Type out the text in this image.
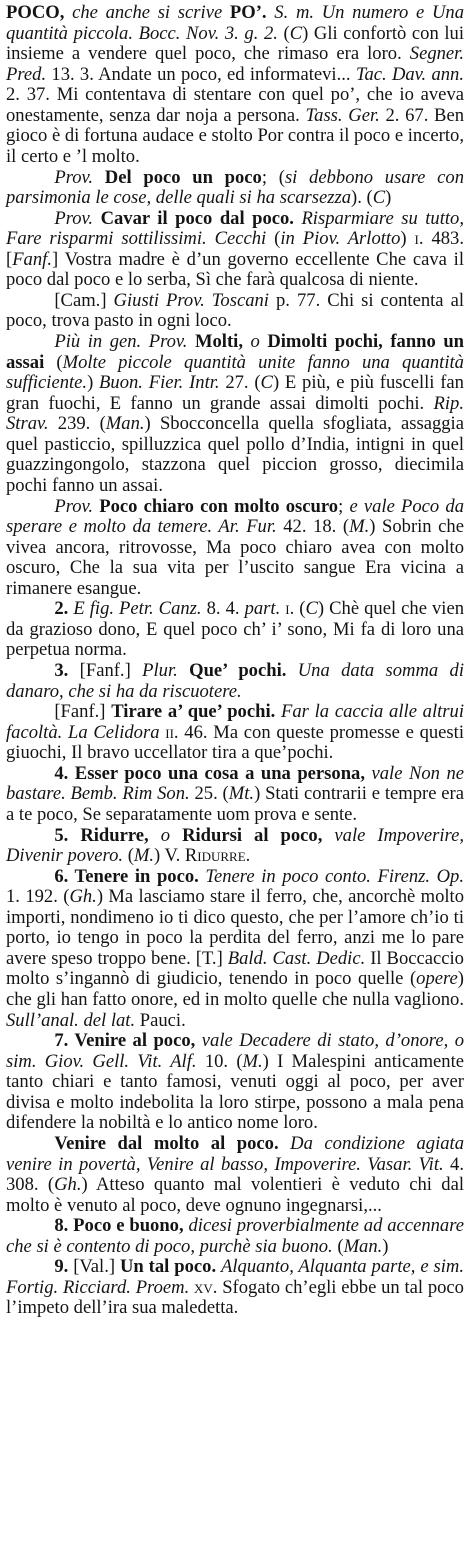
POCO, che anche si scrive PO’. S. m. Un numero e Una quantità piccola. Bocc. Nov. 3. g. 2. (C) Gli confortò con lui insieme a vendere quel poco, che rimaso era loro. Segner. Pred. 13. 3. Andate un poco, ed informatevi... Tac. Dav. ann. 2. 37. Mi contentava di stentare con quel po’, che io aveva onestamente, senza dar noja a persona. Tass. Ger. 2. 67. Ben gioco è di fortuna audace e stolto Por contra il poco e incerto, il certo e ’l molto.

Prov. Del poco un poco; (si debbono usare con parsimonia le cose, delle quali si ha scarsezza). (C)

Prov. Cavar il poco dal poco. Risparmiare su tutto, Fare risparmi sottilissimi. Cecchi (in Piov. Arlotto) i. 483. [Fanf.] Vostra madre è d’un governo eccellente Che cava il poco dal poco e lo serba, Sì che farà qualcosa di niente.

[Cam.] Giusti Prov. Toscani p. 77. Chi si contenta al poco, trova pasto in ogni loco.

Più in gen. Prov. Molti, o Dimolti pochi, fanno un assai (Molte piccole quantità unite fanno una quantità sufficiente.) Buon. Fier. Intr. 27. (C) E più, e più fuscelli fan gran fuochi, E fanno un grande assai dimolti pochi. Rip. Strav. 239. (Man.) Sbocconcella quella sfogliata, assaggia quel pasticcio, spilluzzica quel pollo d’India, intigni in quel guazzingongolo, stazzona quel piccion grosso, diecimila pochi fanno un assai.

Prov. Poco chiaro con molto oscuro; e vale Poco da sperare e molto da temere. Ar. Fur. 42. 18. (M.) Sobrin che vivea ancora, ritrovosse, Ma poco chiaro avea con molto oscuro, Che la sua vita per l’uscito sangue Era vicina a rimanere esangue.

2. E fig. Petr. Canz. 8. 4. part. i. (C) Chè quel che vien da grazioso dono, E quel poco ch’ i’ sono, Mi fa di loro una perpetua norma.

3. [Fanf.] Plur. Que’ pochi. Una data somma di danaro, che si ha da riscuotere.

[Fanf.] Tirare a’ que’ pochi. Far la caccia alle altrui facoltà. La Celidora ii. 46. Ma con queste promesse e questi giuochi, Il bravo uccellator tira a que’pochi.

4. Esser poco una cosa a una persona, vale Non ne bastare. Bemb. Rim Son. 25. (Mt.) Stati contrarii e tempre era a te poco, Se separatamente uom prova e sente.

5. Ridurre, o Ridursi al poco, vale Impoverire, Divenir povero. (M.) V. Ridurre.

6. Tenere in poco. Tenere in poco conto. Firenz. Op. 1. 192. (Gh.) Ma lasciamo stare il ferro, che, ancorchè molto importi, nondimeno io ti dico questo, che per l’amore ch’io ti porto, io tengo in poco la perdita del ferro, anzi me lo pare avere speso troppo bene. [T.] Bald. Cast. Dedic. Il Boccaccio molto s’ingannò di giudicio, tenendo in poco quelle (opere) che gli han fatto onore, ed in molto quelle che nulla vagliono. Sull’anal. del lat. Pauci.

7. Venire al poco, vale Decadere di stato, d’onore, o sim. Giov. Gell. Vit. Alf. 10. (M.) I Malespini anticamente tanto chiari e tanto famosi, venuti oggi al poco, per aver divisa e molto indebolita la loro stirpe, possono a mala pena difendere la nobiltà e lo antico nome loro.

Venire dal molto al poco. Da condizione agiata venire in povertà, Venire al basso, Impoverire. Vasar. Vit. 4. 308. (Gh.) Atteso quanto mal volentieri è veduto chi dal molto è venuto al poco, deve ognuno ingegnarsi,...

8. Poco e buono, dicesi proverbialmente ad accennare che si è contento di poco, purchè sia buono. (Man.)

9. [Val.] Un tal poco. Alquanto, Alquanta parte, e sim. Fortig. Ricciard. Proem. xv. Sfogato ch’egli ebbe un tal poco l’impeto dell’ira sua maledetta.
